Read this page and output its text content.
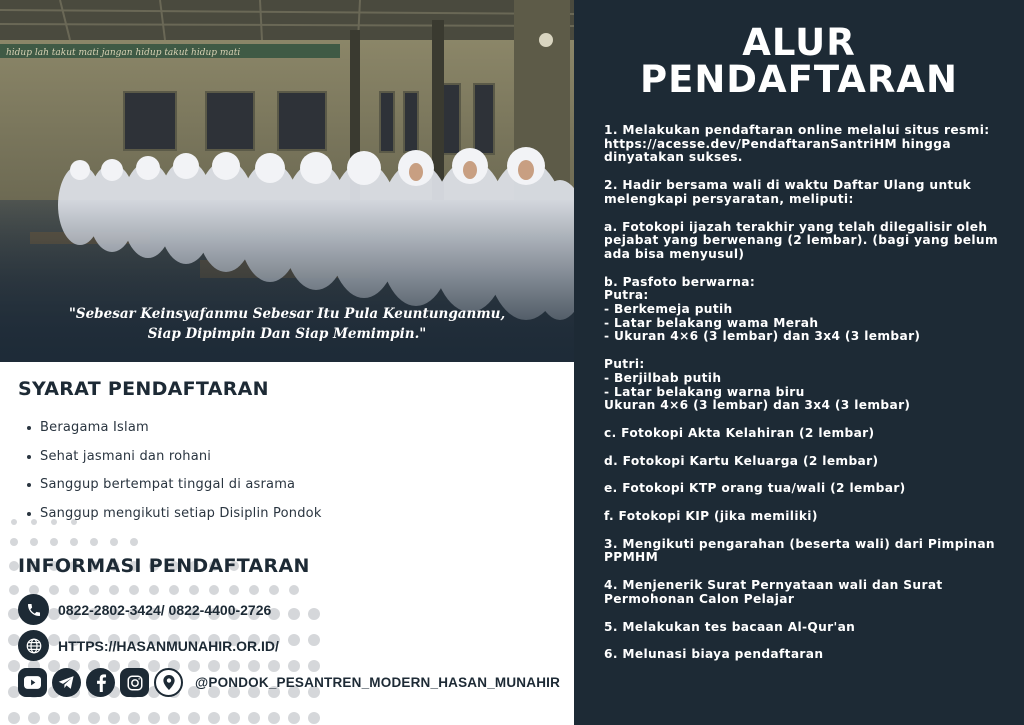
hidup lah takut mati jangan hidup takut hidup mati
"Sebesar Keinsyafanmu Sebesar Itu Pula Keuntunganmu,
Siap Dipimpin Dan Siap Memimpin."
SYARAT PENDAFTARAN
Beragama Islam
Sehat jasmani dan rohani
Sanggup bertempat tinggal di asrama
Sanggup mengikuti setiap Disiplin Pondok
INFORMASI PENDAFTARAN
0822-2802-3424/ 0822-4400-2726
HTTPS://HASANMUNAHIR.OR.ID/
@PONDOK_PESANTREN_MODERN_HASAN_MUNAHIR
ALUR
PENDAFTARAN
1. Melakukan pendaftaran online melalui situs resmi:
https://acesse.dev/PendaftaranSantriHM hingga dinyatakan sukses.
2. Hadir bersama wali di waktu Daftar Ulang untuk melengkapi persyaratan, meliputi:
a. Fotokopi ijazah terakhir yang telah dilegalisir oleh pejabat yang berwenang (2 lembar). (bagi yang belum ada bisa menyusul)
b. Pasfoto berwarna:
Putra:
- Berkemeja putih
- Latar belakang wama Merah
- Ukuran 4×6 (3 lembar) dan 3x4 (3 lembar)
Putri:
- Berjilbab putih
- Latar belakang warna biru
Ukuran 4×6 (3 lembar) dan 3x4 (3 lembar)
c. Fotokopi Akta Kelahiran (2 lembar)
d. Fotokopi Kartu Keluarga (2 lembar)
e. Fotokopi KTP orang tua/wali (2 lembar)
f. Fotokopi KIP (jika memiliki)
3. Mengikuti pengarahan (beserta wali) dari Pimpinan PPMHM
4. Menjenerik Surat Pernyataan wali dan Surat Permohonan Calon Pelajar
5. Melakukan tes bacaan Al-Qur'an
6. Melunasi biaya pendaftaran
